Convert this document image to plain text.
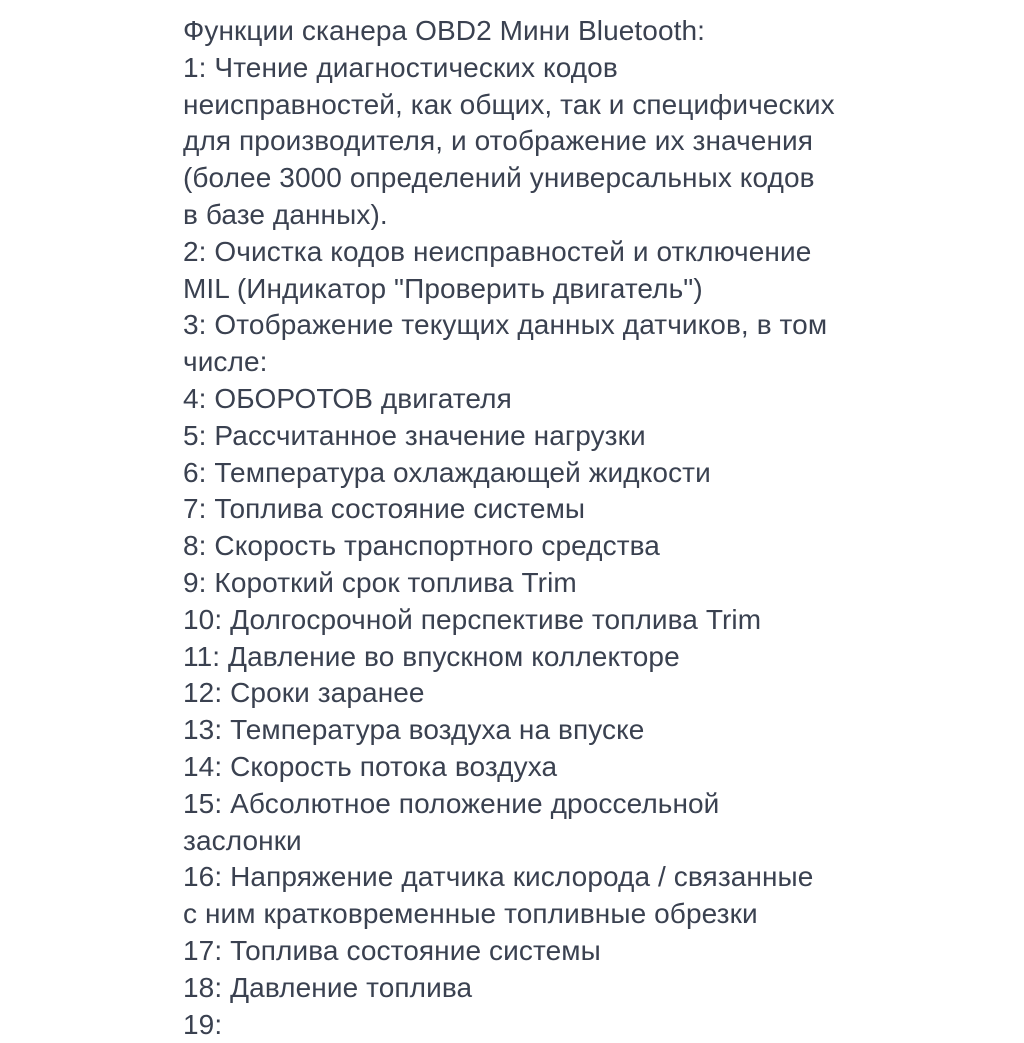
Функции сканера OBD2 Мини Bluetooth:
1: Чтение диагностических кодов
неисправностей, как общих, так и специфических
для производителя, и отображение их значения
(более 3000 определений универсальных кодов
в базе данных).
2: Очистка кодов неисправностей и отключение
MIL (Индикатор "Проверить двигатель")
3: Отображение текущих данных датчиков, в том
числе:
4: ОБОРОТОВ двигателя
5: Рассчитанное значение нагрузки
6: Температура охлаждающей жидкости
7: Топлива состояние системы
8: Скорость транспортного средства
9: Короткий срок топлива Trim
10: Долгосрочной перспективе топлива Trim
11: Давление во впускном коллекторе
12: Сроки заранее
13: Температура воздуха на впуске
14: Скорость потока воздуха
15: Абсолютное положение дроссельной
заслонки
16: Напряжение датчика кислорода / связанные
с ним кратковременные топливные обрезки
17: Топлива состояние системы
18: Давление топлива
19:
